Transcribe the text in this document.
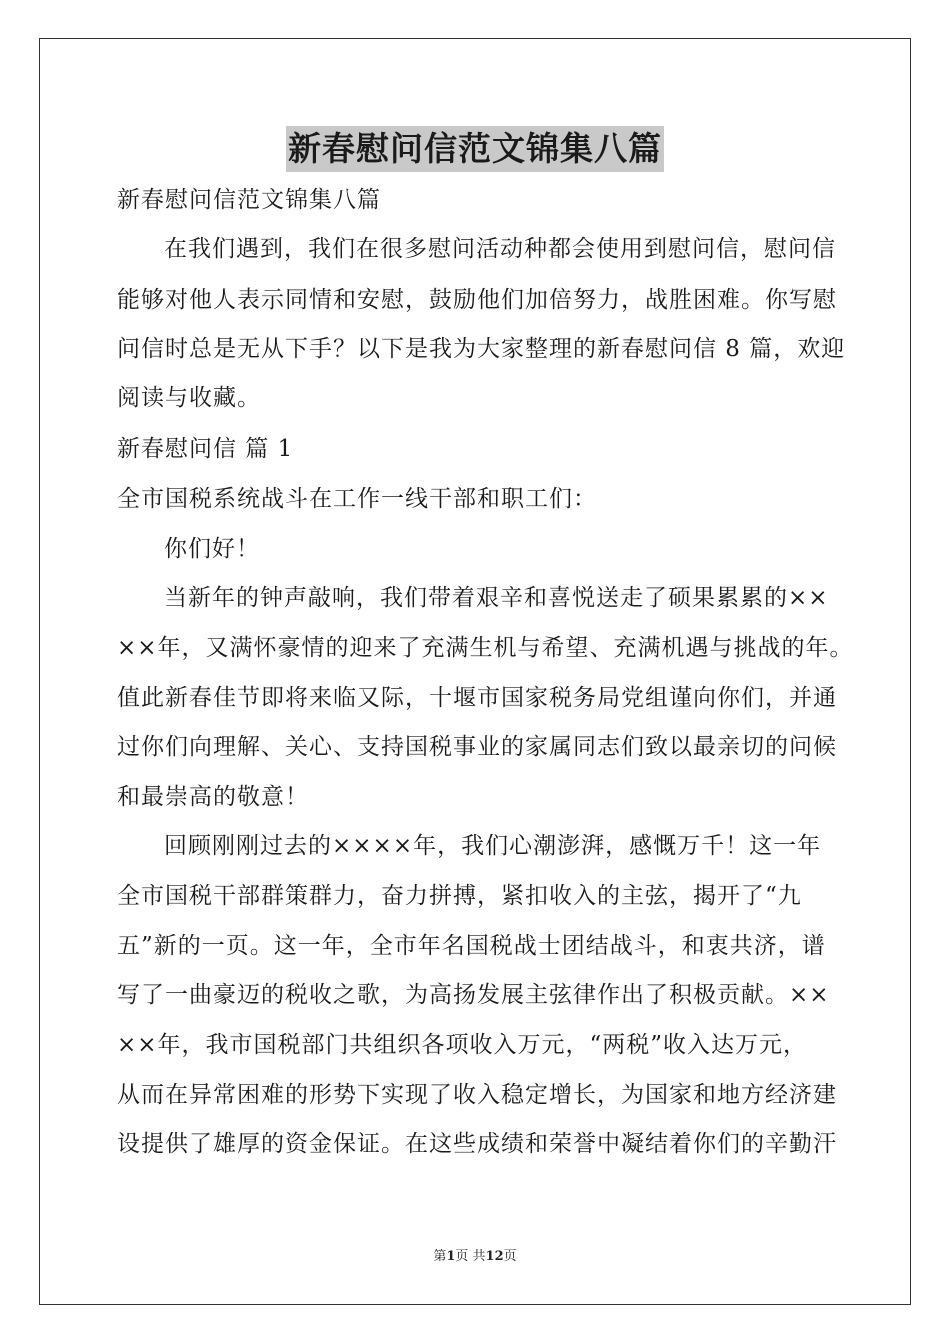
新春慰问信范文锦集八篇
新春慰问信范文锦集八篇
在我们遇到，我们在很多慰问活动种都会使用到慰问信，慰问信
能够对他人表示同情和安慰，鼓励他们加倍努力，战胜困难。你写慰
问信时总是无从下手？以下是我为大家整理的新春慰问信 8 篇，欢迎
阅读与收藏。
新春慰问信 篇 1
全市国税系统战斗在工作一线干部和职工们：
你们好！
当新年的钟声敲响，我们带着艰辛和喜悦送走了硕果累累的××
××年，又满怀豪情的迎来了充满生机与希望、充满机遇与挑战的年。
值此新春佳节即将来临又际，十堰市国家税务局党组谨向你们，并通
过你们向理解、关心、支持国税事业的家属同志们致以最亲切的问候
和最崇高的敬意！
回顾刚刚过去的××××年，我们心潮澎湃，感慨万千！这一年
全市国税干部群策群力，奋力拼搏，紧扣收入的主弦，揭开了“九
五”新的一页。这一年，全市年名国税战士团结战斗，和衷共济，谱
写了一曲豪迈的税收之歌，为高扬发展主弦律作出了积极贡献。××
××年，我市国税部门共组织各项收入万元，“两税”收入达万元，
从而在异常困难的形势下实现了收入稳定增长，为国家和地方经济建
设提供了雄厚的资金保证。在这些成绩和荣誉中凝结着你们的辛勤汗
第1页 共12页
